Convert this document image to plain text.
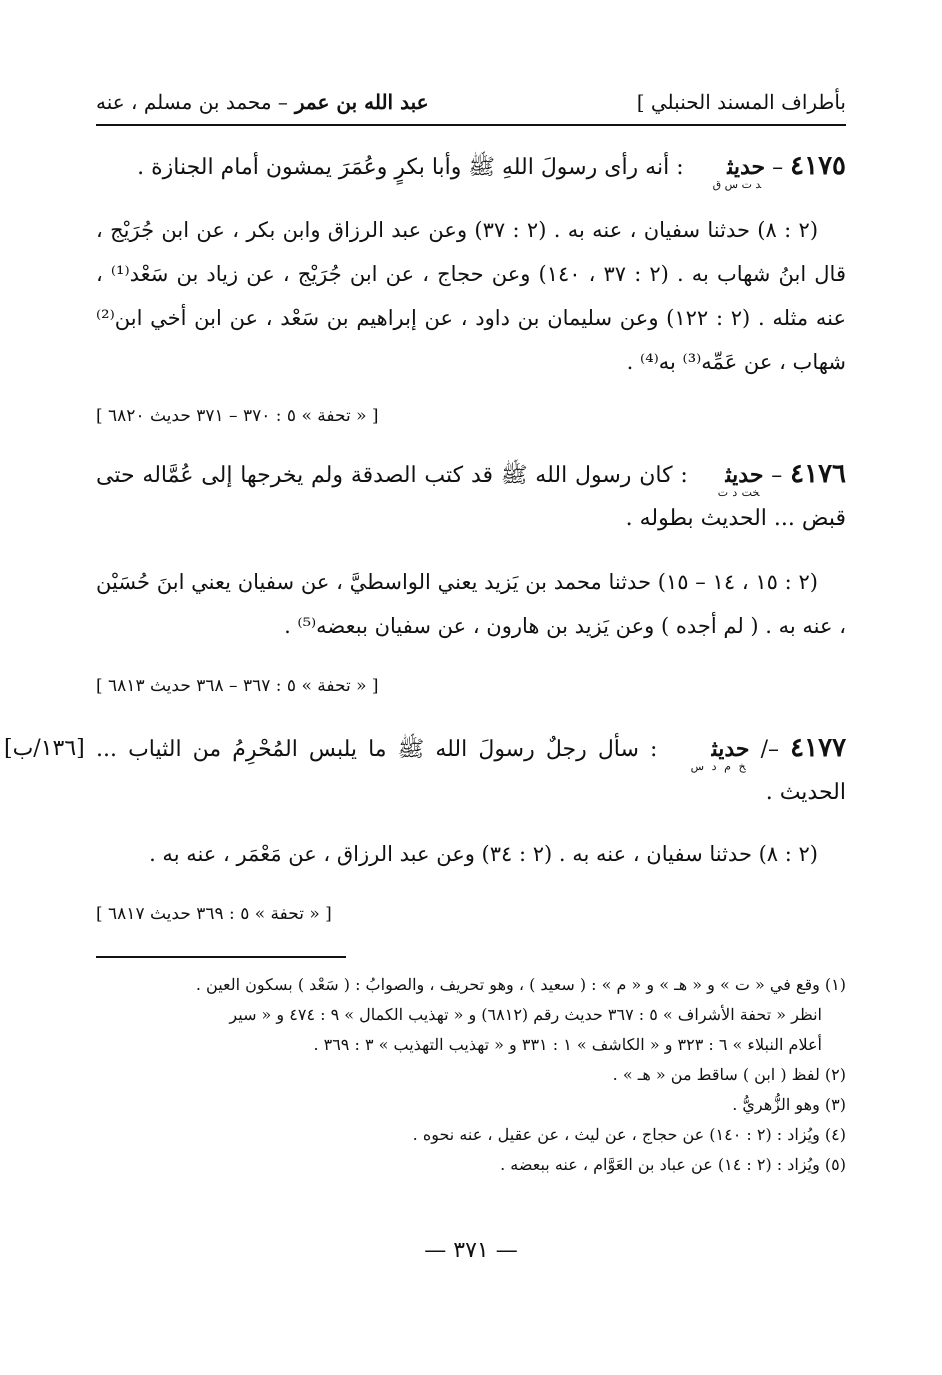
بأطراف المسند الحنبلي ]
عبد الله بن عمر – محمد بن مسلم ، عنه
٤١٧٥ – حديث$_{د ت س ق}$ : أنه رأى رسولَ اللهِ ﷺ وأبا بكرٍ وعُمَرَ يمشون أمام الجنازة .
(٢ : ٨) حدثنا سفيان ، عنه به . (٢ : ٣٧) وعن عبد الرزاق وابن بكر ، عن ابن جُرَيْج ، قال ابنُ شهاب به . (٢ : ٣٧ ، ١٤٠) وعن حجاج ، عن ابن جُرَيْج ، عن زياد بن سَعْد⁽¹⁾ ، عنه مثله . (٢ : ١٢٢) وعن سليمان بن داود ، عن إبراهيم بن سَعْد ، عن ابن أخي ابن⁽²⁾ شهاب ، عن عَمِّه⁽³⁾ به⁽⁴⁾ .
[ « تحفة » ٥ : ٣٧٠ – ٣٧١ حديث ٦٨٢٠ ]
٤١٧٦ – حديث$_{خت د ت}$ : كان رسول الله ﷺ قد كتب الصدقة ولم يخرجها إلى عُمَّاله حتى قبض ... الحديث بطوله .
(٢ : ١٥ ، ١٤ – ١٥) حدثنا محمد بن يَزيد يعني الواسطيَّ ، عن سفيان يعني ابنَ حُسَيْن ، عنه به . ( لم أجده ) وعن يَزيد بن هارون ، عن سفيان ببعضه⁽⁵⁾ .
[ « تحفة » ٥ : ٣٦٧ – ٣٦٨ حديث ٦٨١٣ ]
٤١٧٧ –/ حديث$_{خ م د س}$ : سأل رجلٌ رسولَ الله ﷺ ما يلبس المُحْرِمُ من الثياب ... الحديث .
[١٣٦/ب]
(٢ : ٨) حدثنا سفيان ، عنه به . (٢ : ٣٤) وعن عبد الرزاق ، عن مَعْمَر ، عنه به .
[ « تحفة » ٥ : ٣٦٩ حديث ٦٨١٧ ]

(١) وقع في « ت » و « هـ » و « م » : ( سعيد ) ، وهو تحريف ، والصوابُ : ( سَعْد ) بسكون العين .

انظر « تحفة الأشراف » ٥ : ٣٦٧ حديث رقم (٦٨١٢) و « تهذيب الكمال » ٩ : ٤٧٤ و « سير

أعلام النبلاء » ٦ : ٣٢٣ و « الكاشف » ١ : ٣٣١ و « تهذيب التهذيب » ٣ : ٣٦٩ .

(٢) لفظ ( ابن ) ساقط من « هـ » .

(٣) وهو الزُّهريُّ .

(٤) ويُزاد : (٢ : ١٤٠) عن حجاج ، عن ليث ، عن عقيل ، عنه نحوه .

(٥) ويُزاد : (٢ : ١٤) عن عباد بن العَوَّام ، عنه ببعضه .

— ٣٧١ —
